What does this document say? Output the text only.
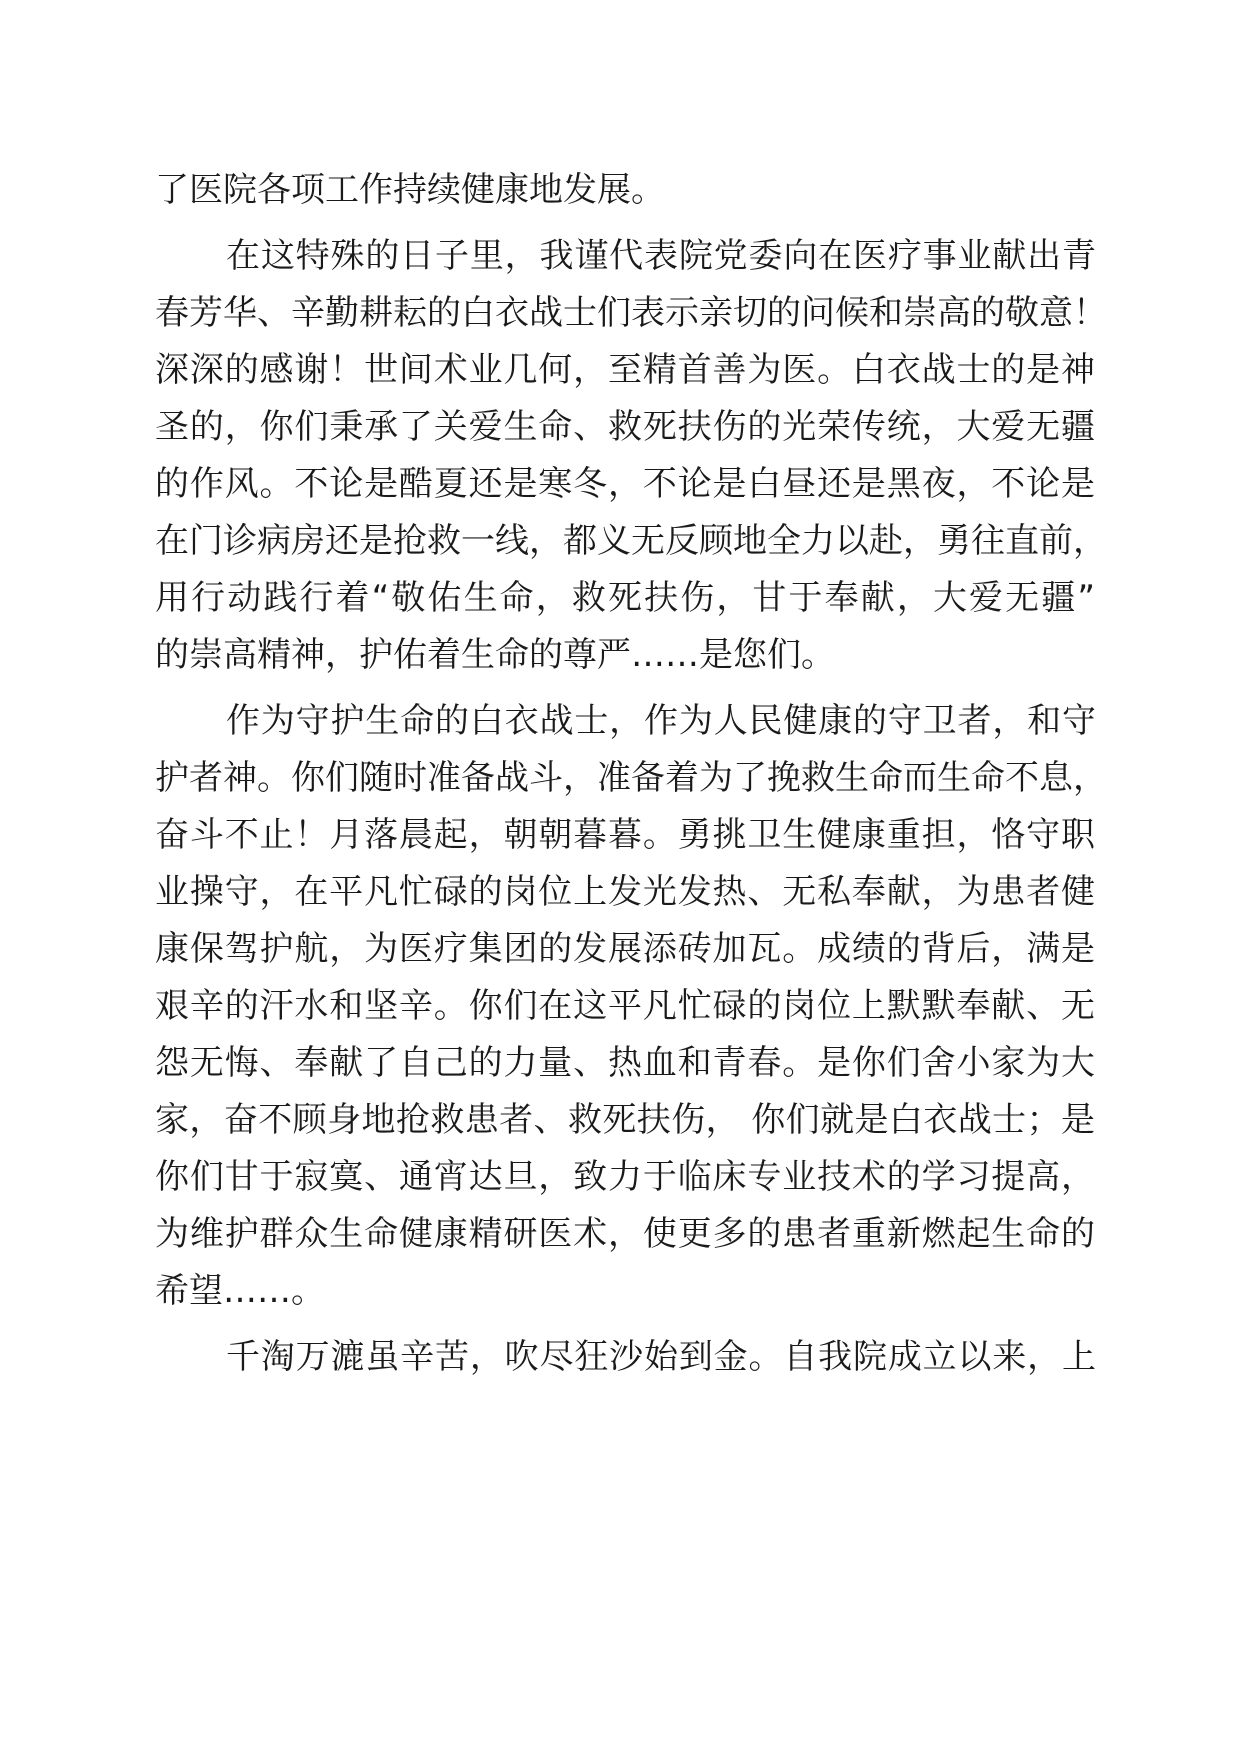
了医院各项工作持续健康地发展。

在这特殊的日子里，我谨代表院党委向在医疗事业献出青

春芳华、辛勤耕耘的白衣战士们表示亲切的问候和崇高的敬意！

深深的感谢！世间术业几何，至精首善为医。白衣战士的是神

圣的，你们秉承了关爱生命、救死扶伤的光荣传统，大爱无疆

的作风。不论是酷夏还是寒冬，不论是白昼还是黑夜，不论是

在门诊病房还是抢救一线，都义无反顾地全力以赴，勇往直前，

用行动践行着“敬佑生命，救死扶伤，甘于奉献，大爱无疆”

的崇高精神，护佑着生命的尊严……是您们。

作为守护生命的白衣战士，作为人民健康的守卫者，和守

护者神。你们随时准备战斗，准备着为了挽救生命而生命不息，

奋斗不止！月落晨起，朝朝暮暮。勇挑卫生健康重担，恪守职

业操守，在平凡忙碌的岗位上发光发热、无私奉献，为患者健

康保驾护航，为医疗集团的发展添砖加瓦。成绩的背后，满是

艰辛的汗水和坚辛。你们在这平凡忙碌的岗位上默默奉献、无

怨无悔、奉献了自己的力量、热血和青春。是你们舍小家为大

家，奋不顾身地抢救患者、救死扶伤， 你们就是白衣战士；是

你们甘于寂寞、通宵达旦，致力于临床专业技术的学习提高，

为维护群众生命健康精研医术，使更多的患者重新燃起生命的

希望……。

千淘万漉虽辛苦，吹尽狂沙始到金。自我院成立以来，上
